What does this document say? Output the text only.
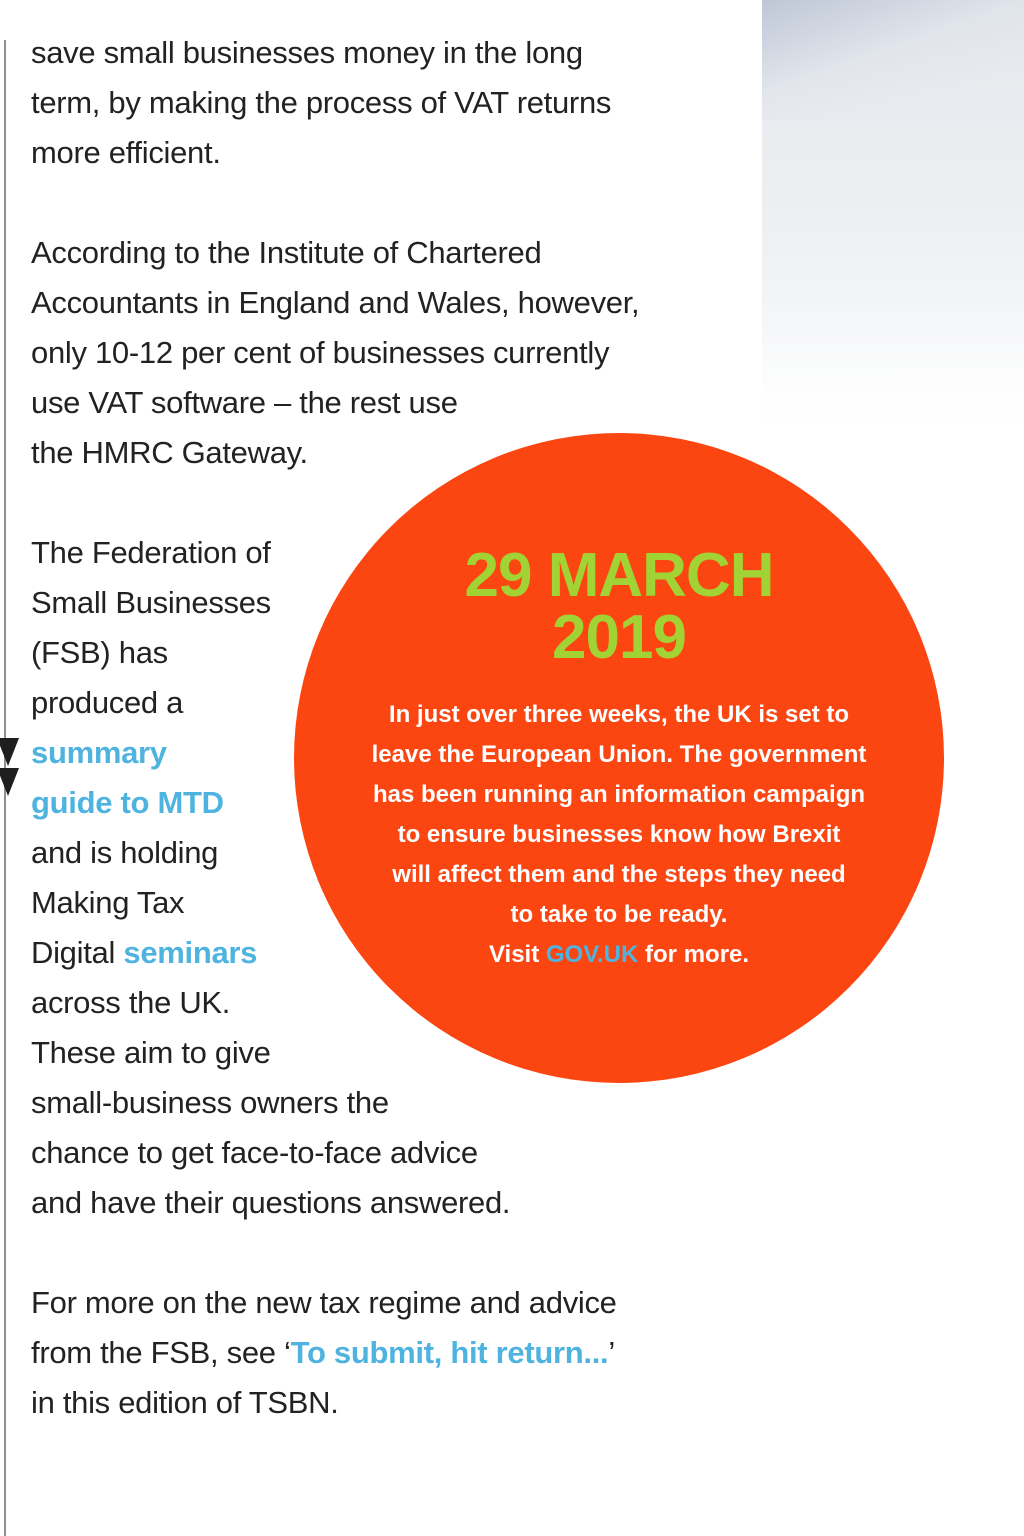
save small businesses money in the long
term, by making the process of VAT returns
more efficient.

According to the Institute of Chartered
Accountants in England and Wales, however,
only 10-12 per cent of businesses currently
use VAT software – the rest use
the HMRC Gateway.

The Federation of
Small Businesses
(FSB) has
produced a
summary
guide to MTD
and is holding
Making Tax
Digital seminars
across the UK.
These aim to give
small-business owners the
chance to get face-to-face advice
and have their questions answered.

For more on the new tax regime and advice
from the FSB, see ‘To submit, hit return...’
in this edition of TSBN.

29 MARCH
2019
In just over three weeks, the UK is set to
leave the European Union. The government
has been running an information campaign
to ensure businesses know how Brexit
will affect them and the steps they need
to take to be ready.
Visit GOV.UK for more.
